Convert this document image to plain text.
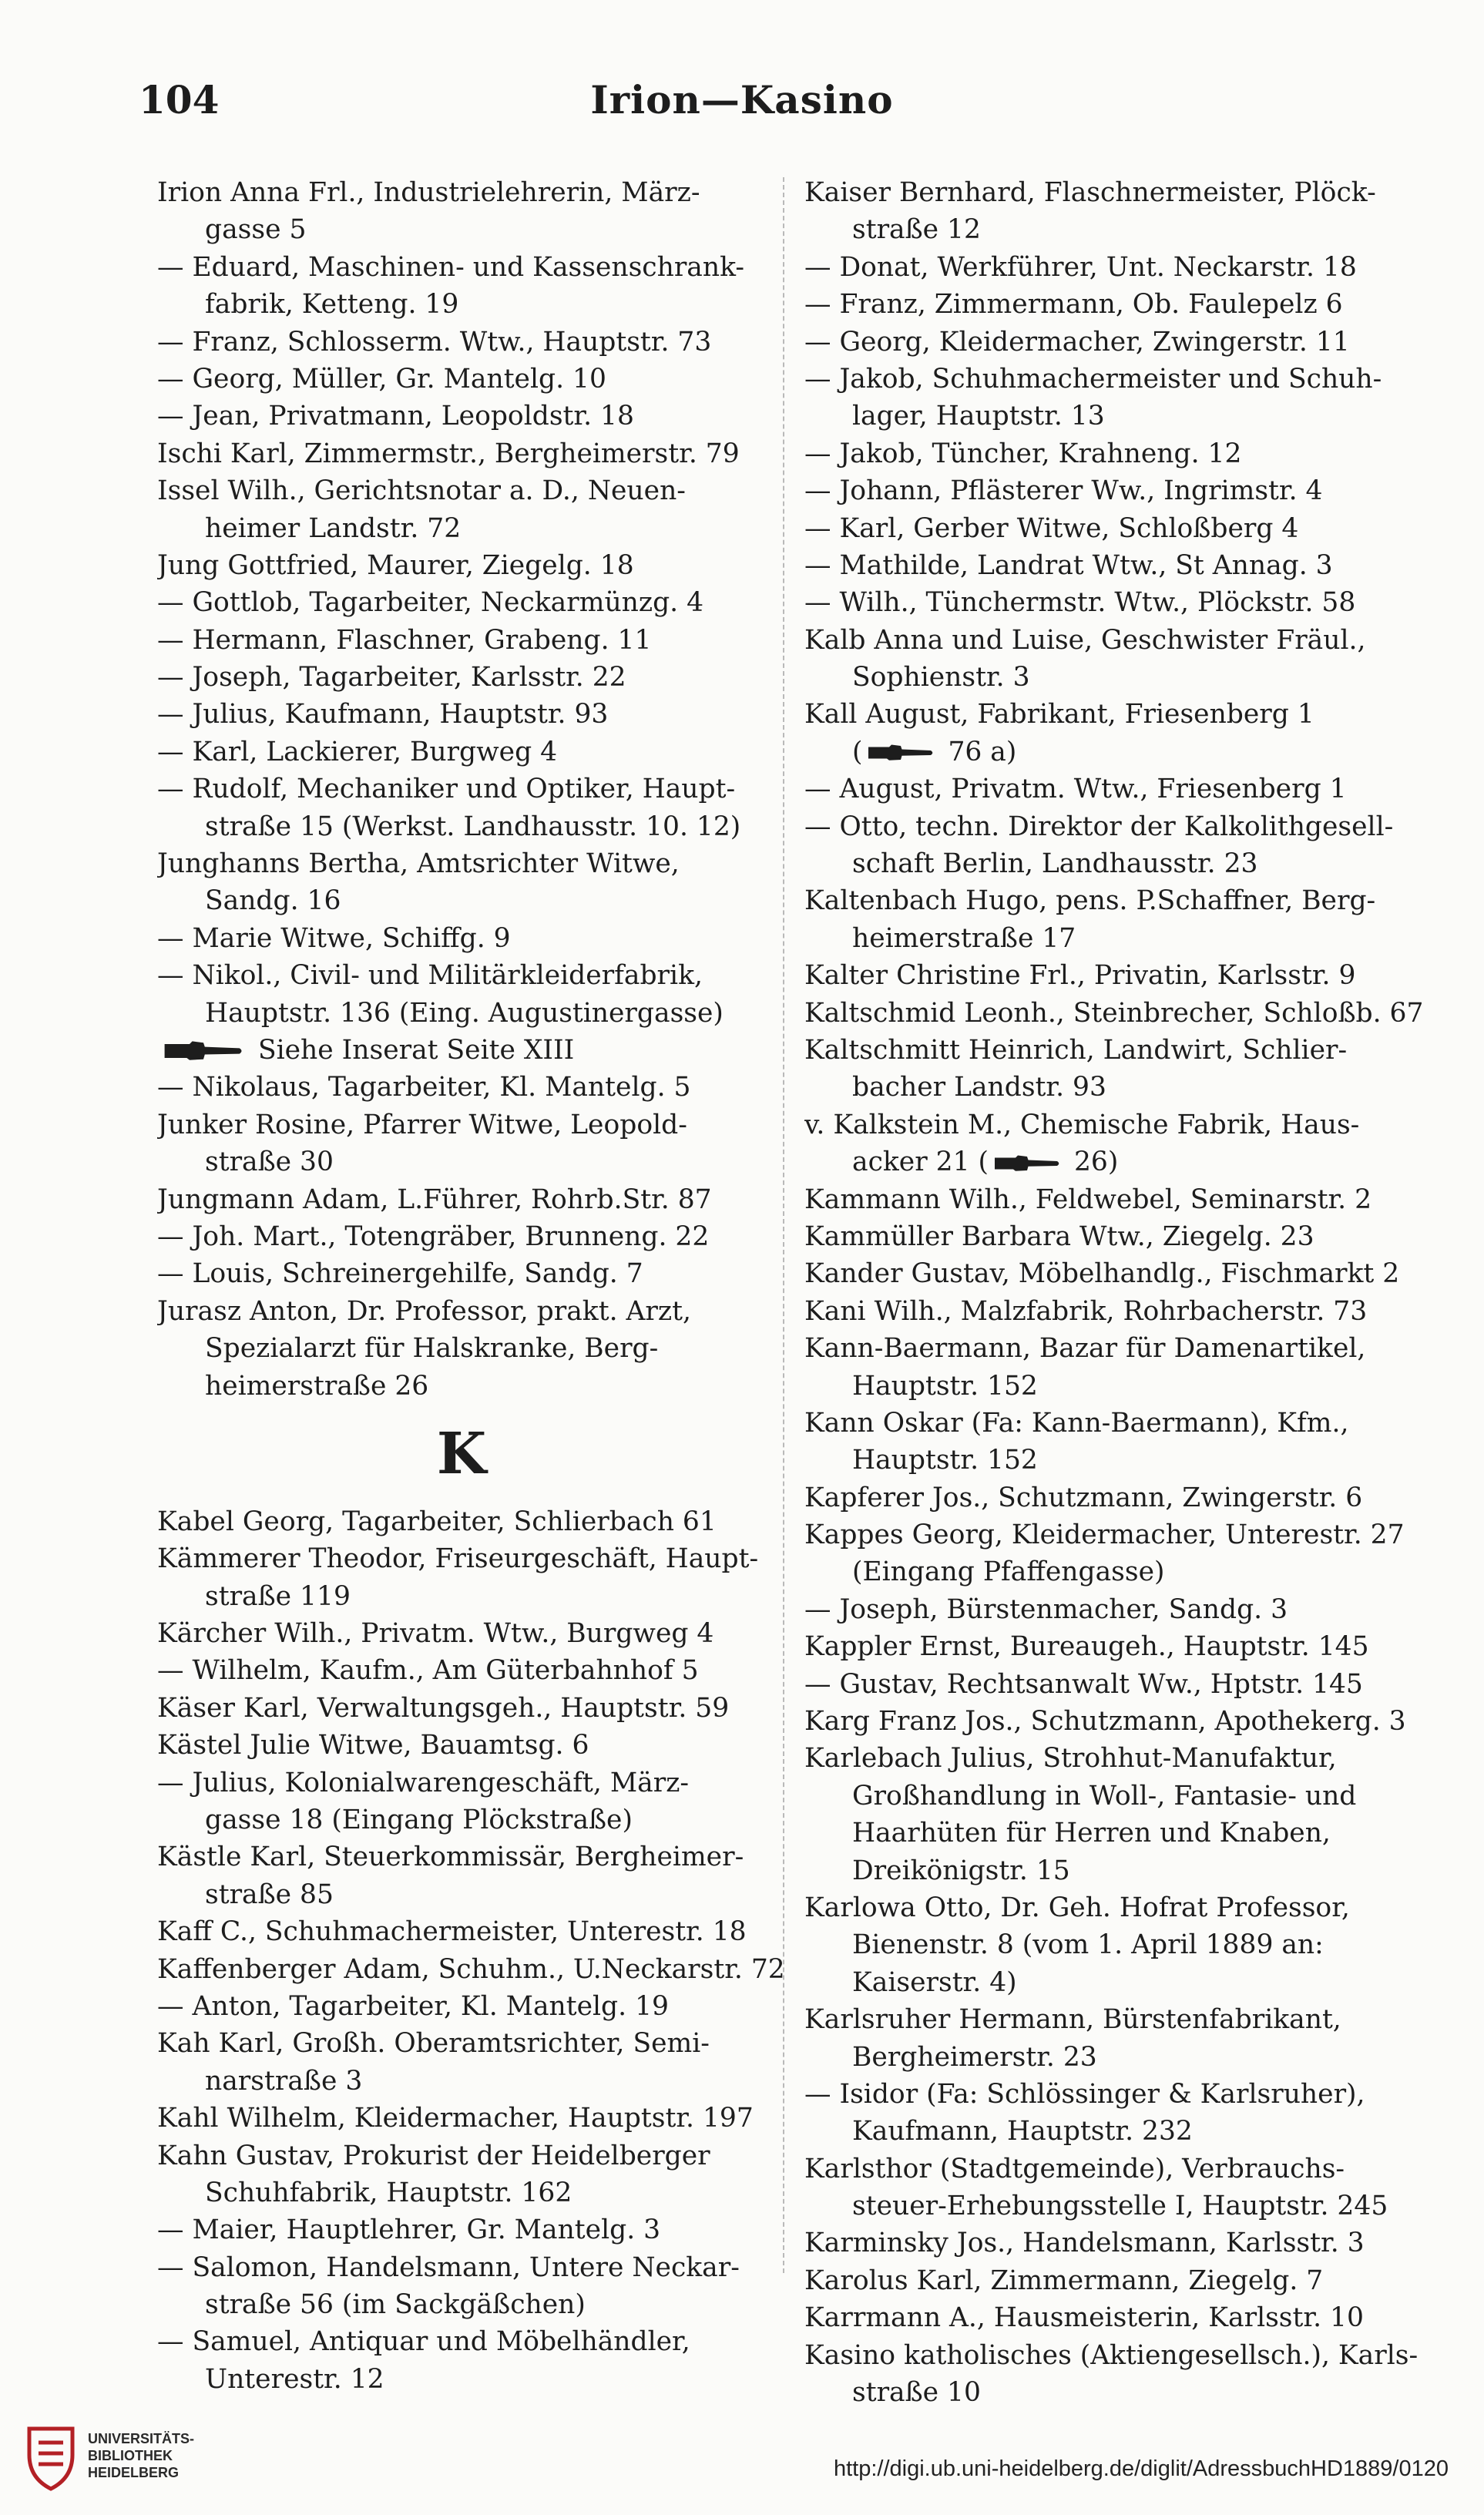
104	Irion—Kasino
Irion Anna Frl., Industrielehrerin, März-
gasse 5
— Eduard, Maschinen- und Kassenschrank-
fabrik, Ketteng. 19
— Franz, Schlosserm. Wtw., Hauptstr. 73
— Georg, Müller, Gr. Mantelg. 10
— Jean, Privatmann, Leopoldstr. 18
Ischi Karl, Zimmermstr., Bergheimerstr. 79
Issel Wilh., Gerichtsnotar a. D., Neuen-
heimer Landstr. 72
Jung Gottfried, Maurer, Ziegelg. 18
— Gottlob, Tagarbeiter, Neckarmünzg. 4
— Hermann, Flaschner, Grabeng. 11
— Joseph, Tagarbeiter, Karlsstr. 22
— Julius, Kaufmann, Hauptstr. 93
— Karl, Lackierer, Burgweg 4
— Rudolf, Mechaniker und Optiker, Haupt-
straße 15 (Werkst. Landhausstr. 10. 12)
Junghanns Bertha, Amtsrichter Witwe,
Sandg. 16
— Marie Witwe, Schiffg. 9
— Nikol., Civil- und Militärkleiderfabrik,
Hauptstr. 136 (Eing. Augustinergasse)
Siehe Inserat Seite XIII
— Nikolaus, Tagarbeiter, Kl. Mantelg. 5
Junker Rosine, Pfarrer Witwe, Leopold-
straße 30
Jungmann Adam, L.Führer, Rohrb.Str. 87
— Joh. Mart., Totengräber, Brunneng. 22
— Louis, Schreinergehilfe, Sandg. 7
Jurasz Anton, Dr. Professor, prakt. Arzt,
Spezialarzt für Halskranke, Berg-
heimerstraße 26
K
Kabel Georg, Tagarbeiter, Schlierbach 61
Kämmerer Theodor, Friseurgeschäft, Haupt-
straße 119
Kärcher Wilh., Privatm. Wtw., Burgweg 4
— Wilhelm, Kaufm., Am Güterbahnhof 5
Käser Karl, Verwaltungsgeh., Hauptstr. 59
Kästel Julie Witwe, Bauamtsg. 6
— Julius, Kolonialwarengeschäft, März-
gasse 18 (Eingang Plöckstraße)
Kästle Karl, Steuerkommissär, Bergheimer-
straße 85
Kaff C., Schuhmachermeister, Unterestr. 18
Kaffenberger Adam, Schuhm., U.Neckarstr. 72
— Anton, Tagarbeiter, Kl. Mantelg. 19
Kah Karl, Großh. Oberamtsrichter, Semi-
narstraße 3
Kahl Wilhelm, Kleidermacher, Hauptstr. 197
Kahn Gustav, Prokurist der Heidelberger
Schuhfabrik, Hauptstr. 162
— Maier, Hauptlehrer, Gr. Mantelg. 3
— Salomon, Handelsmann, Untere Neckar-
straße 56 (im Sackgäßchen)
— Samuel, Antiquar und Möbelhändler,
Unterestr. 12
Kaiser Bernhard, Flaschnermeister, Plöck-
straße 12
— Donat, Werkführer, Unt. Neckarstr. 18
— Franz, Zimmermann, Ob. Faulepelz 6
— Georg, Kleidermacher, Zwingerstr. 11
— Jakob, Schuhmachermeister und Schuh-
lager, Hauptstr. 13
— Jakob, Tüncher, Krahneng. 12
— Johann, Pflästerer Ww., Ingrimstr. 4
— Karl, Gerber Witwe, Schloßberg 4
— Mathilde, Landrat Wtw., St Annag. 3
— Wilh., Tünchermstr. Wtw., Plöckstr. 58
Kalb Anna und Luise, Geschwister Fräul.,
Sophienstr. 3
Kall August, Fabrikant, Friesenberg 1
(	76 a)
— August, Privatm. Wtw., Friesenberg 1
— Otto, techn. Direktor der Kalkolithgesell-
schaft Berlin, Landhausstr. 23
Kaltenbach Hugo, pens. P.Schaffner, Berg-
heimerstraße 17
Kalter Christine Frl., Privatin, Karlsstr. 9
Kaltschmid Leonh., Steinbrecher, Schloßb. 67
Kaltschmitt Heinrich, Landwirt, Schlier-
bacher Landstr. 93
v. Kalkstein M., Chemische Fabrik, Haus-
acker 21 (	26)
Kammann Wilh., Feldwebel, Seminarstr. 2
Kammüller Barbara Wtw., Ziegelg. 23
Kander Gustav, Möbelhandlg., Fischmarkt 2
Kani Wilh., Malzfabrik, Rohrbacherstr. 73
Kann-Baermann, Bazar für Damenartikel,
Hauptstr. 152
Kann Oskar (Fa: Kann-Baermann), Kfm.,
Hauptstr. 152
Kapferer Jos., Schutzmann, Zwingerstr. 6
Kappes Georg, Kleidermacher, Unterestr. 27
(Eingang Pfaffengasse)
— Joseph, Bürstenmacher, Sandg. 3
Kappler Ernst, Bureaugeh., Hauptstr. 145
— Gustav, Rechtsanwalt Ww., Hptstr. 145
Karg Franz Jos., Schutzmann, Apothekerg. 3
Karlebach Julius, Strohhut-Manufaktur,
Großhandlung in Woll-, Fantasie- und
Haarhüten für Herren und Knaben,
Dreikönigstr. 15
Karlowa Otto, Dr. Geh. Hofrat Professor,
Bienenstr. 8 (vom 1. April 1889 an:
Kaiserstr. 4)
Karlsruher Hermann, Bürstenfabrikant,
Bergheimerstr. 23
— Isidor (Fa: Schlössinger & Karlsruher),
Kaufmann, Hauptstr. 232
Karlsthor (Stadtgemeinde), Verbrauchs-
steuer-Erhebungsstelle I, Hauptstr. 245
Karminsky Jos., Handelsmann, Karlsstr. 3
Karolus Karl, Zimmermann, Ziegelg. 7
Karrmann A., Hausmeisterin, Karlsstr. 10
Kasino katholisches (Aktiengesellsch.), Karls-
straße 10
UNIVERSITÄTS-
BIBLIOTHEK
HEIDELBERG	http://digi.ub.uni-heidelberg.de/diglit/AdressbuchHD1889/0120
